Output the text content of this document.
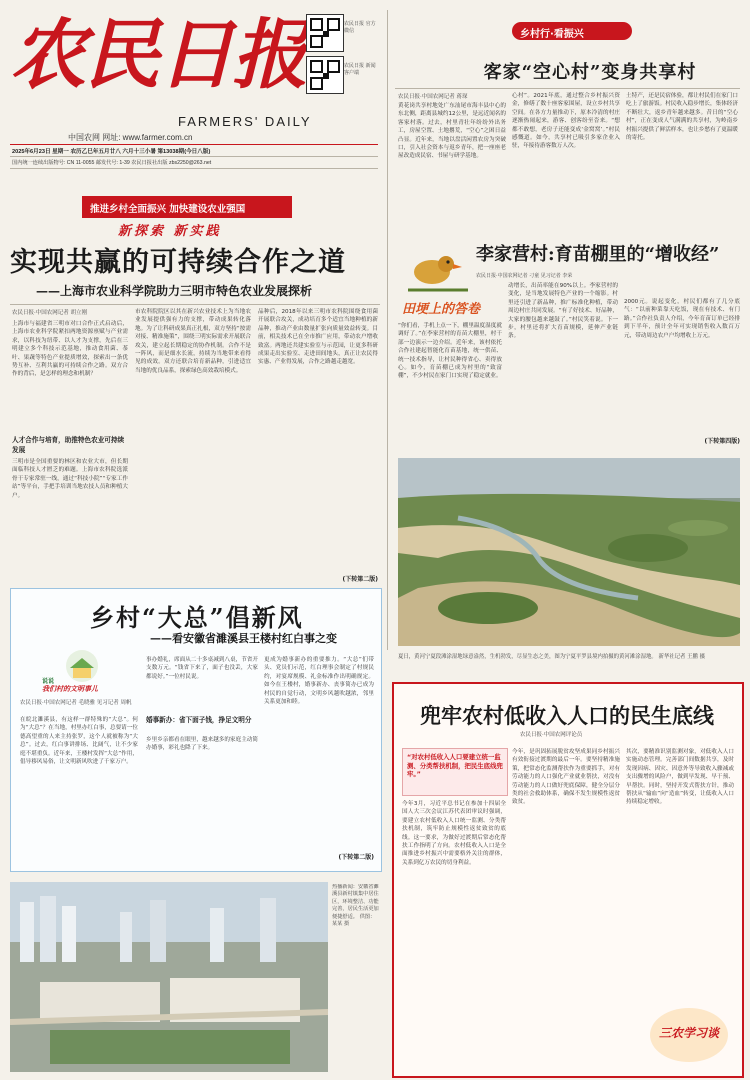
农民日报
FARMERS' DAILY
中国农网 网址: www.farmer.com.cn
农民日报 官方微信
农民日报 新闻客户端
2025年6月23日 星期一 农历乙巳年五月廿八 六月十三小暑 第13038期(今日八版)
国内统一连续出版物号: CN 11-0055 邮发代号: 1-39 农民日报社出版 zbs2250@263.net
乡村行·看振兴
客家“空心村”变身共享村
农民日报·中国农网记者 蒋琛
黄花岗共享村地处广东汕尾市海丰县中心的东北侧，距离县城约12公里，是远近闻名的客家村落。过去，村里青壮年纷纷外出务工，房屋空置、土地撂荒，“空心”之困日益凸显。近年来，当地以盘活闲置农房为突破口，引入社会资本与返乡青年，把一座座老屋改造成民宿、书屋与研学基地。
心村”。2021年底，通过整合乡村振兴资金，修缮了数十座客家围屋，设立乡村共享空间。在各方力量推动下，原本冷清的村庄逐渐热闹起来，游客、创客纷至沓来。“想都不敢想，老房子还能变成‘金窝窝’。”村民感慨道。如今，共享村已吸引多家企业入驻，年接待游客数万人次。
土特产，还是民宿体验，都让村民们在家门口吃上了旅游饭。村民收入稳步增长，集体经济不断壮大，返乡青年越来越多。昔日的“空心村”，正在变成人气满满的共享村，为岭南乡村振兴提供了鲜活样本，也让乡愁有了更温暖的寄托。
推进乡村全面振兴 加快建设农业强国
新探索 新实践
实现共赢的可持续合作之道
——上海市农业科学院助力三明市特色农业发展探析
农民日报·中国农网记者 胡立刚
上海市与福建省三明市对口合作正式启动后，上海市农业科学院紧扣两地资源禀赋与产业需求，以科技为纽带、以人才为支撑，先后在三明建立多个科技示范基地，推动食用菌、茶叶、果蔬等特色产业提质增效，探索出一条优势互补、互利共赢的可持续合作之路。双方合作的背后，是怎样的理念和机制？
人才合作与培育，助推特色农业可持续发展
三明市是全国重要的林区和农业大市，但长期面临科技人才匮乏的难题。上海市农科院选派骨干专家常驻一线，通过“科技小院”“专家工作站”等平台，手把手培训当地农技人员和种植大户。
市农科院院区以其在新兴农业技术上为当地农业发展提供强有力的支撑，带动成果转化落地。为了让科研成果真正扎根，双方坚持“按需对接、精准施策”，围绕三明实际需求开展联合攻关，建立起长期稳定的协作机制。合作不是一阵风，而是细水长流，持续为当地带来看得见的成效。双方还联合培育新品种，引进适宜当地的优良品系，探索绿色高效栽培模式。
品种后，2018年以来三明市农科院围绕食用菌开展联合攻关，成功培育多个适宜当地种植的新品种，推动产业由数量扩张向质量效益转变。目前，相关技术已在全市推广应用，带动农户增收致富。两地还共建实验室与示范园，让更多科研成果走出实验室、走进田间地头，真正让农民得实惠、产业得发展，合作之路越走越宽。
(下转第二版)
田埂上的答卷
李家营村:育苗棚里的“增收经”
农民日报·中国农网记者 刁童 见习记者 李荣
“你们看，手机上点一下，棚里温度湿度就调好了。”在李家营村的育苗大棚里，村干部一边演示一边介绍。近年来，该村依托合作社建起智能化育苗基地，统一供苗、统一技术指导，让村民种得省心、卖得放心。如今，育苗棚已成为村里的“致富棚”，不少村民在家门口实现了稳定就业。
动增长，出苗率能在90%以上。李家营村的变化，是当地发展特色产业的一个缩影。村里还引进了新品种，推广标准化种植，带动周边村庄共同发展。“有了好技术、好品种，大家的腰包越来越鼓了。”村民笑着说。下一步，村里还将扩大育苗规模，延伸产业链条。
2000元。说起变化，村民们都有了几分底气：“以前种菜靠天吃饭，现在有技术、有门路。”合作社负责人介绍，今年育苗订单已经排到下半年，预计全年可实现销售收入数百万元，带动周边农户户均增收上万元。
(下转第四版)
夏日，黄河宁夏段滩涂湿地绿意盎然，生机勃发，尽显生态之美，图为宁夏平罗县境内拍摄的黄河滩涂湿地。 新华社记者 王鹏 摄
乡村“大总”倡新风
——看安徽省濉溪县王楼村红白事之变
说说
我们村的文明事儿
农民日报·中国农网记者 毛晓雅 见习记者 周帆
在皖北濉溪县，有这样一群特殊的“大总”。何为“大总”？在当地，村里办红白事，总要请一位德高望重的人来主持张罗，这个人就被称为“大总”。过去，红白事讲排场、比阔气，让不少家庭不堪重负。近年来，王楼村发挥“大总”作用，倡导移风易俗，让文明新风吹进了千家万户。
事办婚礼，席面从二十多桌减到八桌，节省开支数万元。“钱省下来了，面子也没丢，大家都说好。”一位村民说。
婚事新办：省下面子钱，挣足文明分
乡里乡亲都看在眼里，越来越多的家庭主动简办婚事，彩礼也降了下来。
更成为婚事新办的重要推力。“大总”们带头、党员们示范，红白理事会制定了村规民约，对宴席规模、礼金标准作出明确规定。如今在王楼村，婚事新办、丧事简办已成为村民的自觉行动，文明乡风越吹越浓，邻里关系更加和睦。
(下转第二版)
热播新闻：安徽省濉溪县新村镇集中居住区，环境整洁、功能完善，居民生活更加便捷舒适。 供图：某某 摄
兜牢农村低收入人口的民生底线
农民日报·中国农网评论员
“对农村低收入人口要建立统一监测、分类帮扶机制，把民生底线兜牢。”
今年3月，习近平总书记在参加十四届全国人大三次会议江苏代表团审议时强调，要建立农村低收入人口统一监测、分类帮扶机制，筑牢防止规模性返贫致贫的底线。这一要求，为做好过渡期后常态化帮扶工作指明了方向。农村低收入人口是全面推进乡村振兴中需要格外关注的群体，关系到亿万农民的切身利益。
今年，是巩固拓展脱贫攻坚成果同乡村振兴有效衔接过渡期的最后一年。要坚持精准施策，把常态化监测帮扶作为重要抓手，对有劳动能力的人口强化产业就业帮扶，对没有劳动能力的人口做好兜底保障，健全分层分类的社会救助体系，确保不发生规模性返贫致贫。
其次，要精准识别监测对象，对低收入人口实施动态管理。完善部门间数据共享，及时发现因病、因灾、因意外等导致收入骤减或支出骤增的风险户，做到早发现、早干预、早帮扶。同时，坚持开发式帮扶方针，推动帮扶从“输血”向“造血”转变，让低收入人口持续稳定增收。
三农学习谈
